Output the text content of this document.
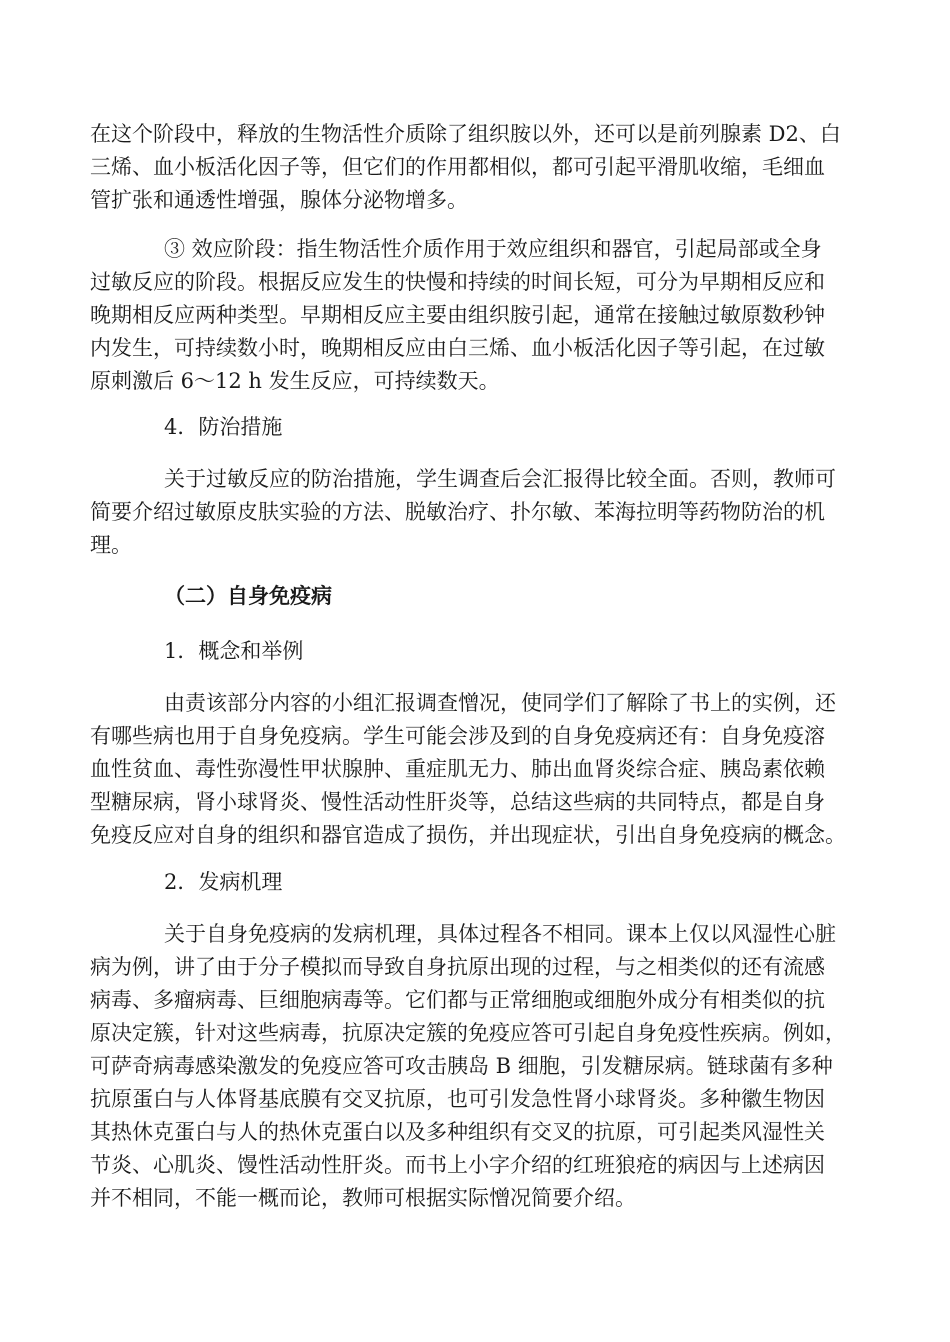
在这个阶段中，释放的生物活性介质除了组织胺以外，还可以是前列腺素 D2、白
三烯、血小板活化因子等，但它们的作用都相似，都可引起平滑肌收缩，毛细血
管扩张和通透性增强，腺体分泌物增多。
③ 效应阶段：指生物活性介质作用于效应组织和器官，引起局部或全身
过敏反应的阶段。根据反应发生的快慢和持续的时间长短，可分为早期相反应和
晚期相反应两种类型。早期相反应主要由组织胺引起，通常在接触过敏原数秒钟
内发生，可持续数小时，晚期相反应由白三烯、血小板活化因子等引起，在过敏
原刺激后 6～12 h 发生反应，可持续数天。
4．防治措施
关于过敏反应的防治措施，学生调查后会汇报得比较全面。否则，教师可
简要介绍过敏原皮肤实验的方法、脱敏治疗、扑尔敏、苯海拉明等药物防治的机
理。
（二）自身免疫病
1．概念和举例
由责该部分内容的小组汇报调查憎况，使同学们了解除了书上的实例，还
有哪些病也用于自身免疫病。学生可能会涉及到的自身免疫病还有：自身免疫溶
血性贫血、毒性弥漫性甲状腺肿、重症肌无力、肺出血肾炎综合症、胰岛素依赖
型糖尿病，肾小球肾炎、慢性活动性肝炎等，总结这些病的共同特点，都是自身
免疫反应对自身的组织和器官造成了损伤，并出现症状，引出自身免疫病的概念。
2．发病机理
关于自身免疫病的发病机理，具体过程各不相同。课本上仅以风湿性心脏
病为例，讲了由于分子模拟而导致自身抗原出现的过程，与之相类似的还有流感
病毒、多瘤病毒、巨细胞病毒等。它们都与正常细胞或细胞外成分有相类似的抗
原决定簇，针对这些病毒，抗原决定簇的免疫应答可引起自身免疫性疾病。例如，
可萨奇病毒感染激发的免疫应答可攻击胰岛 B 细胞，引发糖尿病。链球菌有多种
抗原蛋白与人体肾基底膜有交叉抗原，也可引发急性肾小球肾炎。多种徽生物因
其热休克蛋白与人的热休克蛋白以及多种组织有交叉的抗原，可引起类风湿性关
节炎、心肌炎、馒性活动性肝炎。而书上小字介绍的红班狼疮的病因与上述病因
并不相同，不能一概而论，教师可根据实际憎况简要介绍。
